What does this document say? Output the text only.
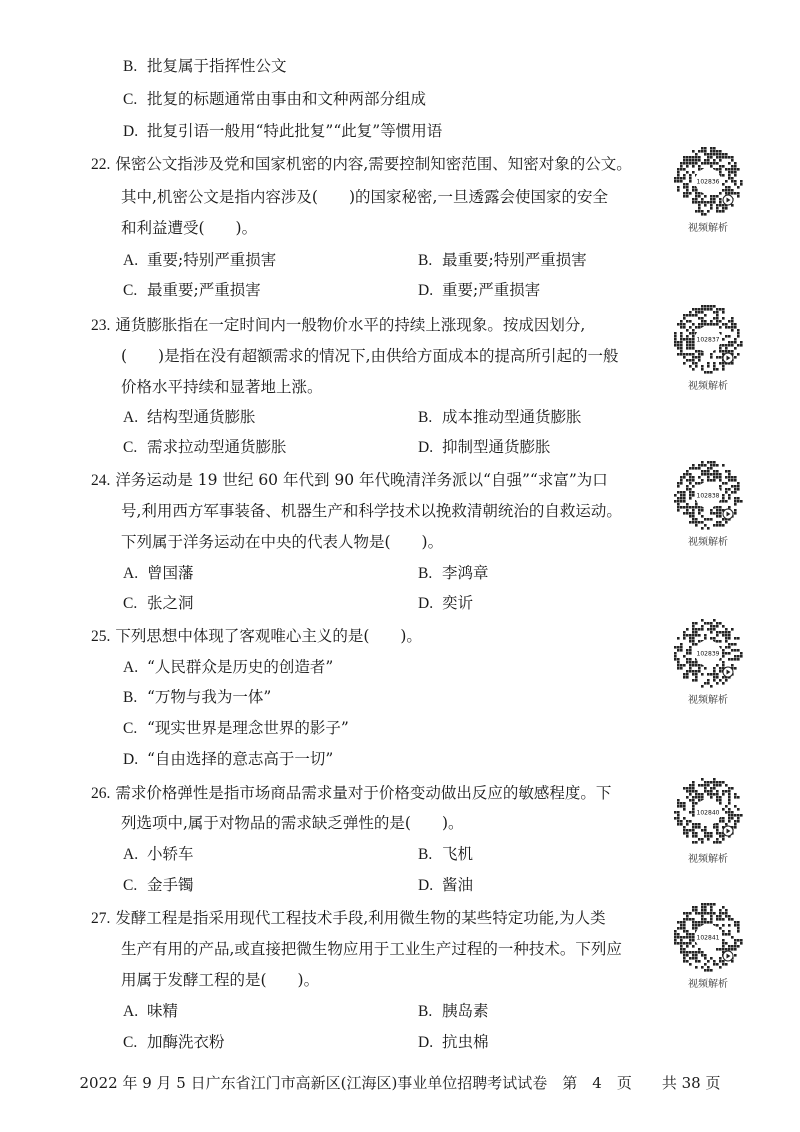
B. 批复属于指挥性公文
C. 批复的标题通常由事由和文种两部分组成
D. 批复引语一般用“特此批复”“此复”等惯用语
22. 保密公文指涉及党和国家机密的内容,需要控制知密范围、知密对象的公文。
其中,机密公文是指内容涉及(　　)的国家秘密,一旦透露会使国家的安全
和利益遭受(　　)。
A. 重要;特别严重损害	B. 最重要;特别严重损害
C. 最重要;严重损害	D. 重要;严重损害
23. 通货膨胀指在一定时间内一般物价水平的持续上涨现象。按成因划分,
(　　)是指在没有超额需求的情况下,由供给方面成本的提高所引起的一般
价格水平持续和显著地上涨。
A. 结构型通货膨胀	B. 成本推动型通货膨胀
C. 需求拉动型通货膨胀	D. 抑制型通货膨胀
24. 洋务运动是 19 世纪 60 年代到 90 年代晚清洋务派以“自强”“求富”为口
号,利用西方军事装备、机器生产和科学技术以挽救清朝统治的自救运动。
下列属于洋务运动在中央的代表人物是(　　)。
A. 曾国藩	B. 李鸿章
C. 张之洞	D. 奕䜣
25. 下列思想中体现了客观唯心主义的是(　　)。
A. “人民群众是历史的创造者”
B. “万物与我为一体”
C. “现实世界是理念世界的影子”
D. “自由选择的意志高于一切”
26. 需求价格弹性是指市场商品需求量对于价格变动做出反应的敏感程度。下
列选项中,属于对物品的需求缺乏弹性的是(　　)。
A. 小轿车	B. 飞机
C. 金手镯	D. 酱油
27. 发酵工程是指采用现代工程技术手段,利用微生物的某些特定功能,为人类
生产有用的产品,或直接把微生物应用于工业生产过程的一种技术。下列应
用属于发酵工程的是(　　)。
A. 味精	B. 胰岛素
C. 加酶洗衣粉	D. 抗虫棉
102836
视频解析
102837
视频解析
102838
视频解析
102839
视频解析
102840
视频解析
102841
视频解析
2022 年 9 月 5 日广东省江门市高新区(江海区)事业单位招聘考试试卷　第　4　页　　共 38 页
